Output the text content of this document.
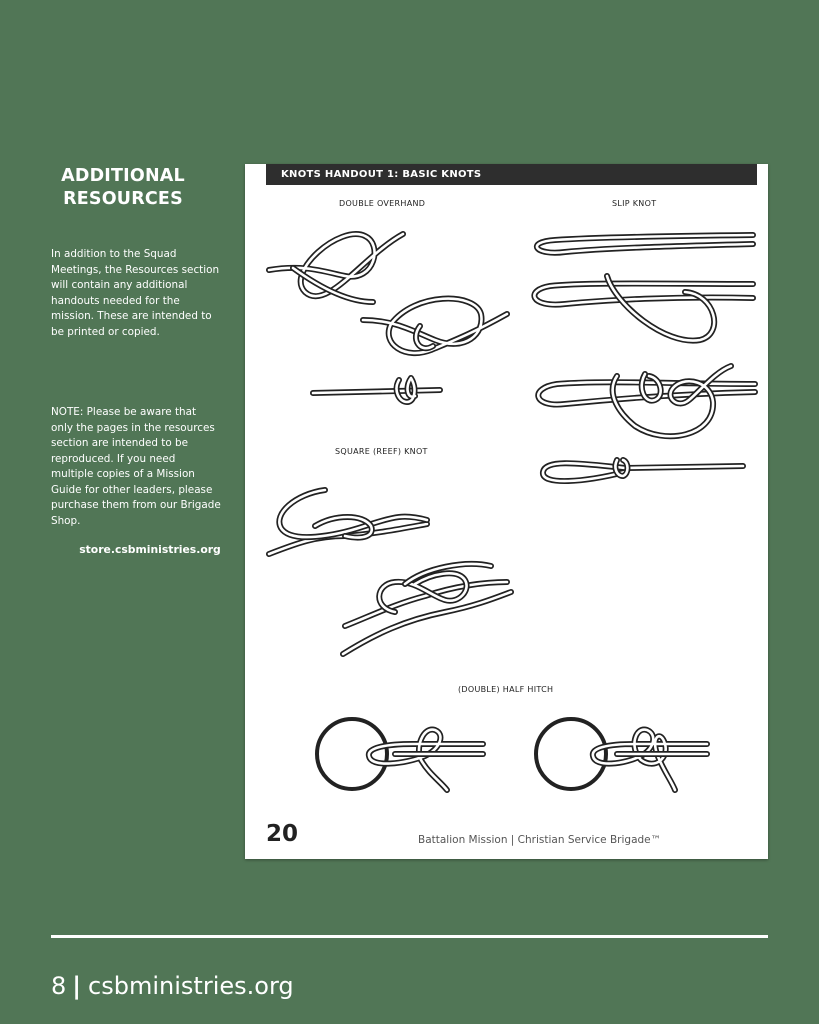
ADDITIONAL
RESOURCES

In addition to the Squad Meetings, the Resources section will contain any additional handouts needed for the mission. These are intended to be printed or copied.

NOTE: Please be aware that only the pages in the resources section are intended to be reproduced. If you need multiple copies of a Mission Guide for other leaders, please purchase them from our Brigade Shop.

store.csbministries.org
KNOTS HANDOUT 1: BASIC KNOTS
DOUBLE OVERHAND	SLIP KNOT
SQUARE (REEF) KNOT
(DOUBLE) HALF HITCH
20	Battalion Mission | Christian Service Brigade™
8 | csbministries.org
